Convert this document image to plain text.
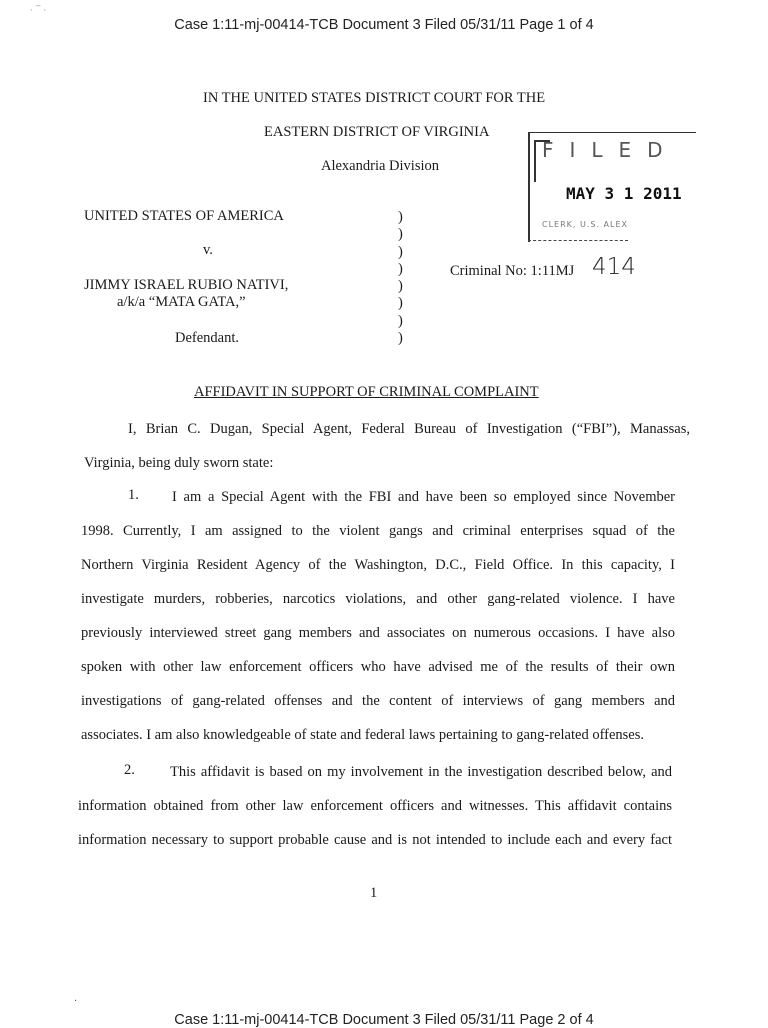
Case 1:11-mj-00414-TCB Document 3 Filed 05/31/11 Page 1 of 4
˴ ‾ ˴
IN THE UNITED STATES DISTRICT COURT FOR THE
EASTERN DISTRICT OF VIRGINIA
Alexandria Division
FILED
MAY 3 1 2011
CLERK, U.S. ALEX
UNITED STATES OF AMERICA
v.
JIMMY ISRAEL RUBIO NATIVI,
a/k/a “MATA GATA,”
Defendant.
)
)
)
)
)
)
)
)
Criminal No: 1:11MJ 414
AFFIDAVIT IN SUPPORT OF CRIMINAL COMPLAINT
I, Brian C. Dugan, Special Agent, Federal Bureau of Investigation (“FBI”), Manassas,
Virginia, being duly sworn state:
1.	I am a Special Agent with the FBI and have been so employed since November
1998. Currently, I am assigned to the violent gangs and criminal enterprises squad of the
Northern Virginia Resident Agency of the Washington, D.C., Field Office. In this capacity, I
investigate murders, robberies, narcotics violations, and other gang-related violence. I have
previously interviewed street gang members and associates on numerous occasions. I have also
spoken with other law enforcement officers who have advised me of the results of their own
investigations of gang-related offenses and the content of interviews of gang members and
associates. I am also knowledgeable of state and federal laws pertaining to gang-related offenses.
2.	This affidavit is based on my involvement in the investigation described below, and
information obtained from other law enforcement officers and witnesses. This affidavit contains
information necessary to support probable cause and is not intended to include each and every fact
1
·
Case 1:11-mj-00414-TCB Document 3 Filed 05/31/11 Page 2 of 4
